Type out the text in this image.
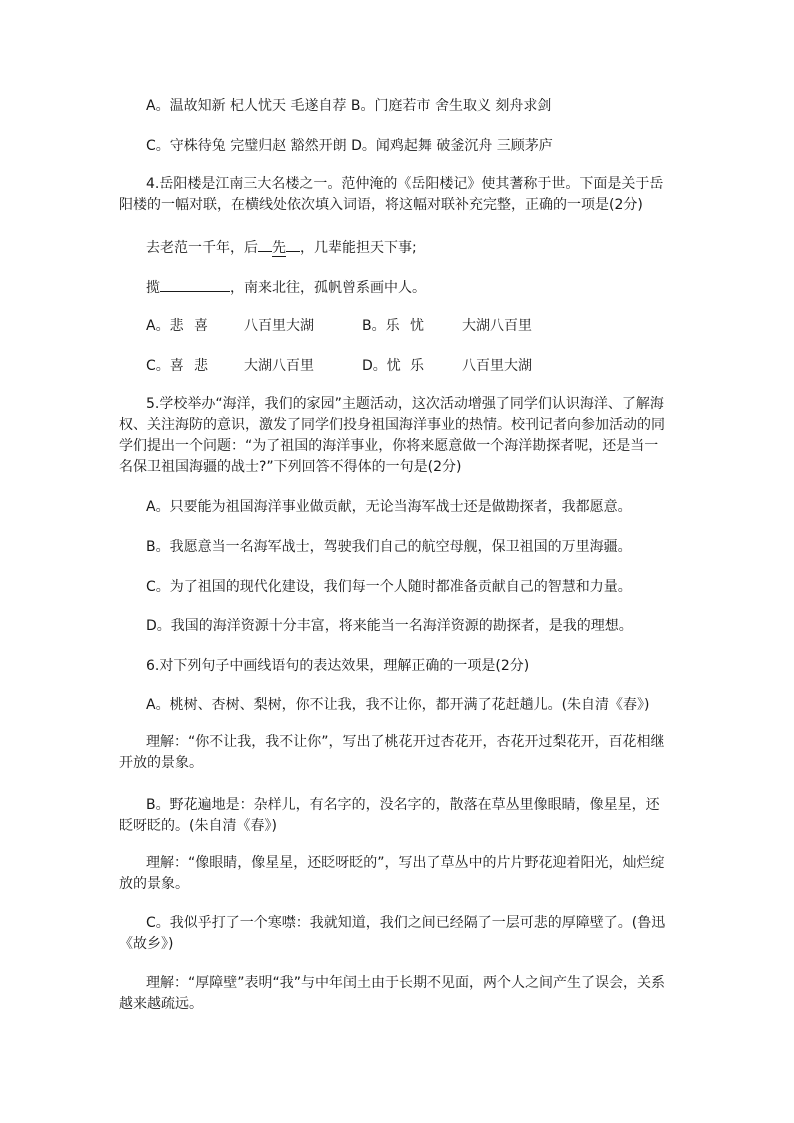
A。温故知新 杞人忧天 毛遂自荐 B。门庭若市 舍生取义 刻舟求剑
C。守株待兔 完璧归赵 豁然开朗 D。闻鸡起舞 破釜沉舟 三顾茅庐
4.岳阳楼是江南三大名楼之一。范仲淹的《岳阳楼记》使其蓍称于世。下面是关于岳阳楼的一幅对联，在横线处依次填入词语，将这幅对联补充完整，正确的一项是(2分)
去老范一千年，后 先 ，几辈能担天下事;
揽	，南来北往，孤帆曾系画中人。
A。悲 喜	八百里大湖	B。乐 忧	大湖八百里
C。喜 悲	大湖八百里	D。忧 乐	八百里大湖
5.学校举办“海洋，我们的家园”主题活动，这次活动增强了同学们认识海洋、了解海权、关注海防的意识，激发了同学们投身祖国海洋事业的热情。校刊记者向参加活动的同学们提出一个问题：“为了祖国的海洋事业，你将来愿意做一个海洋勘探者呢，还是当一名保卫祖国海疆的战士?”下列回答不得体的一句是(2分)
A。只要能为祖国海洋事业做贡献，无论当海军战士还是做勘探者，我都愿意。
B。我愿意当一名海军战士，驾驶我们自己的航空母舰，保卫祖国的万里海疆。
C。为了祖国的现代化建设，我们每一个人随时都准备贡献自己的智慧和力量。
D。我国的海洋资源十分丰富，将来能当一名海洋资源的勘探者，是我的理想。
6.对下列句子中画线语句的表达效果，理解正确的一项是(2分)
A。桃树、杏树、梨树，你不让我，我不让你，都开满了花赶趟儿。(朱自清《春》)
理解：“你不让我，我不让你”，写出了桃花开过杏花开，杏花开过梨花开，百花相继开放的景象。
B。野花遍地是：杂样儿，有名字的，没名字的，散落在草丛里像眼睛，像星星，还眨呀眨的。(朱自清《春》)
理解：“像眼睛，像星星，还眨呀眨的”，写出了草丛中的片片野花迎着阳光，灿烂绽放的景象。
C。我似乎打了一个寒噤：我就知道，我们之间已经隔了一层可悲的厚障壁了。(鲁迅《故乡》)
理解：“厚障壁”表明“我”与中年闰土由于长期不见面，两个人之间产生了误会，关系越来越疏远。
